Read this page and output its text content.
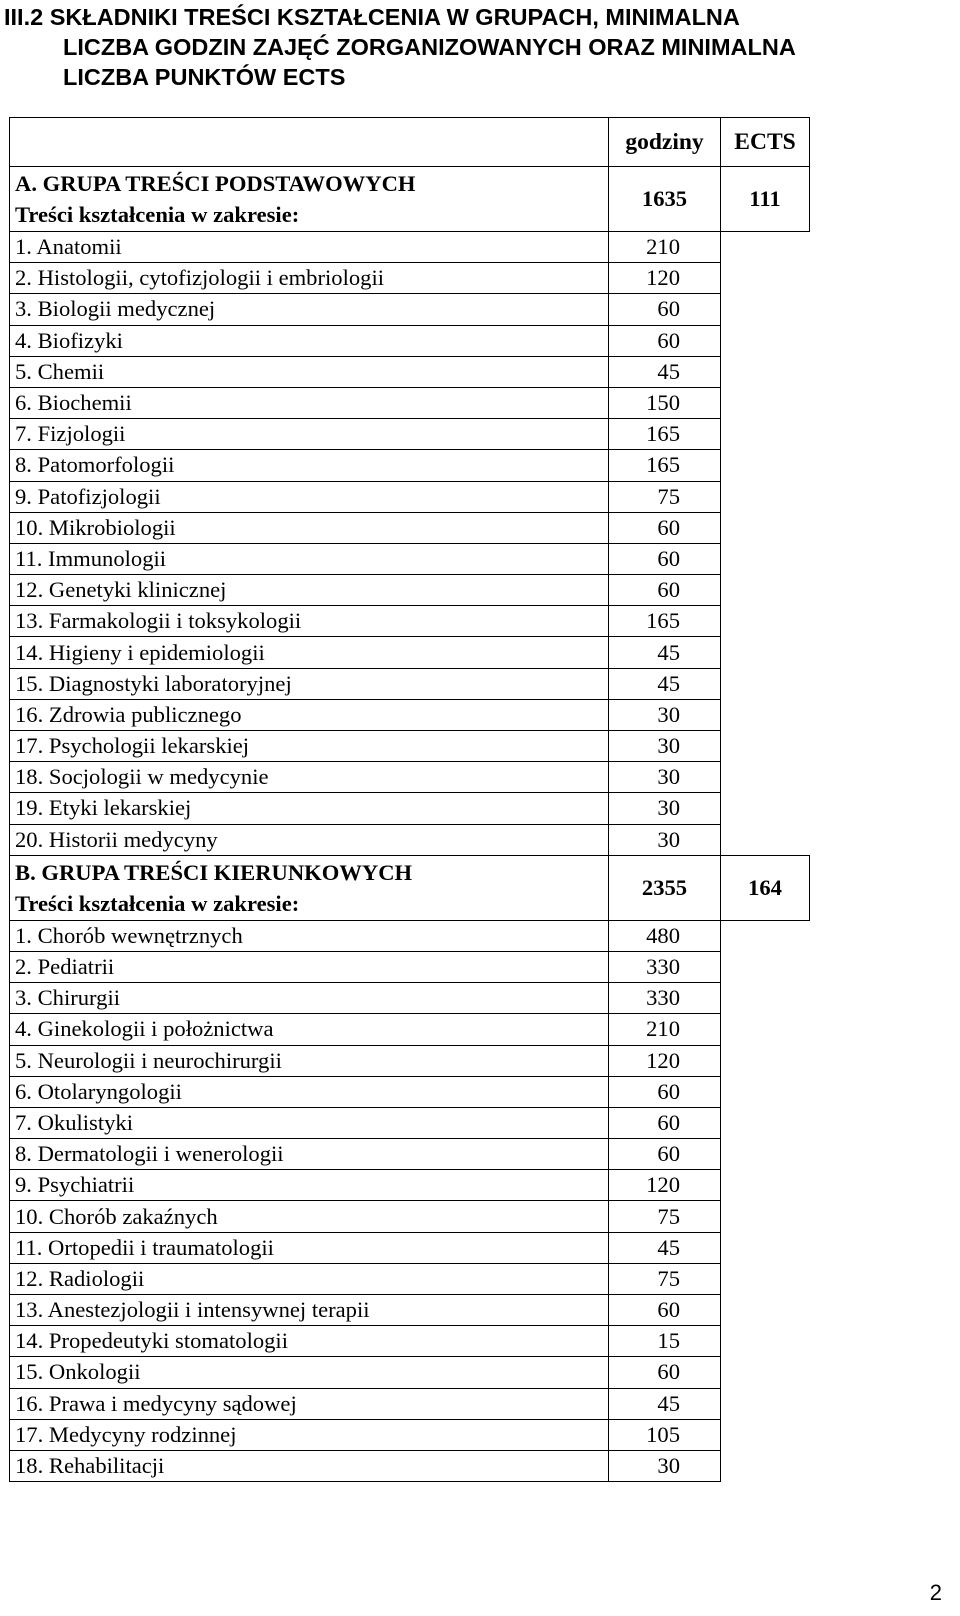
III.2 SKŁADNIKI TREŚCI KSZTAŁCENIA W GRUPACH, MINIMALNA
LICZBA GODZIN ZAJĘĆ ZORGANIZOWANYCH ORAZ MINIMALNA
LICZBA PUNKTÓW ECTS
	godziny	ECTS

A. GRUPA TREŚCI PODSTAWOWYCH
Treści kształcenia w zakresie:	1635	111
1. Anatomii	210	
2. Histologii, cytofizjologii i embriologii	120	
3. Biologii medycznej	60	
4. Biofizyki	60	
5. Chemii	45	
6. Biochemii	150	
7. Fizjologii	165	
8. Patomorfologii	165	
9. Patofizjologii	75	
10. Mikrobiologii	60	
11. Immunologii	60	
12. Genetyki klinicznej	60	
13. Farmakologii i toksykologii	165	
14. Higieny i epidemiologii	45	
15. Diagnostyki laboratoryjnej	45	
16. Zdrowia publicznego	30	
17. Psychologii lekarskiej	30	
18. Socjologii w medycynie	30	
19. Etyki lekarskiej	30	
20. Historii medycyny	30	

B. GRUPA TREŚCI KIERUNKOWYCH
Treści kształcenia w zakresie:	2355	164
1. Chorób wewnętrznych	480	
2. Pediatrii	330	
3. Chirurgii	330	
4. Ginekologii i położnictwa	210	
5. Neurologii i neurochirurgii	120	
6. Otolaryngologii	60	
7. Okulistyki	60	
8. Dermatologii i wenerologii	60	
9. Psychiatrii	120	
10. Chorób zakaźnych	75	
11. Ortopedii i traumatologii	45	
12. Radiologii	75	
13. Anestezjologii i intensywnej terapii	60	
14. Propedeutyki stomatologii	15	
15. Onkologii	60	
16. Prawa i medycyny sądowej	45	
17. Medycyny rodzinnej	105	
18. Rehabilitacji	30	
2
